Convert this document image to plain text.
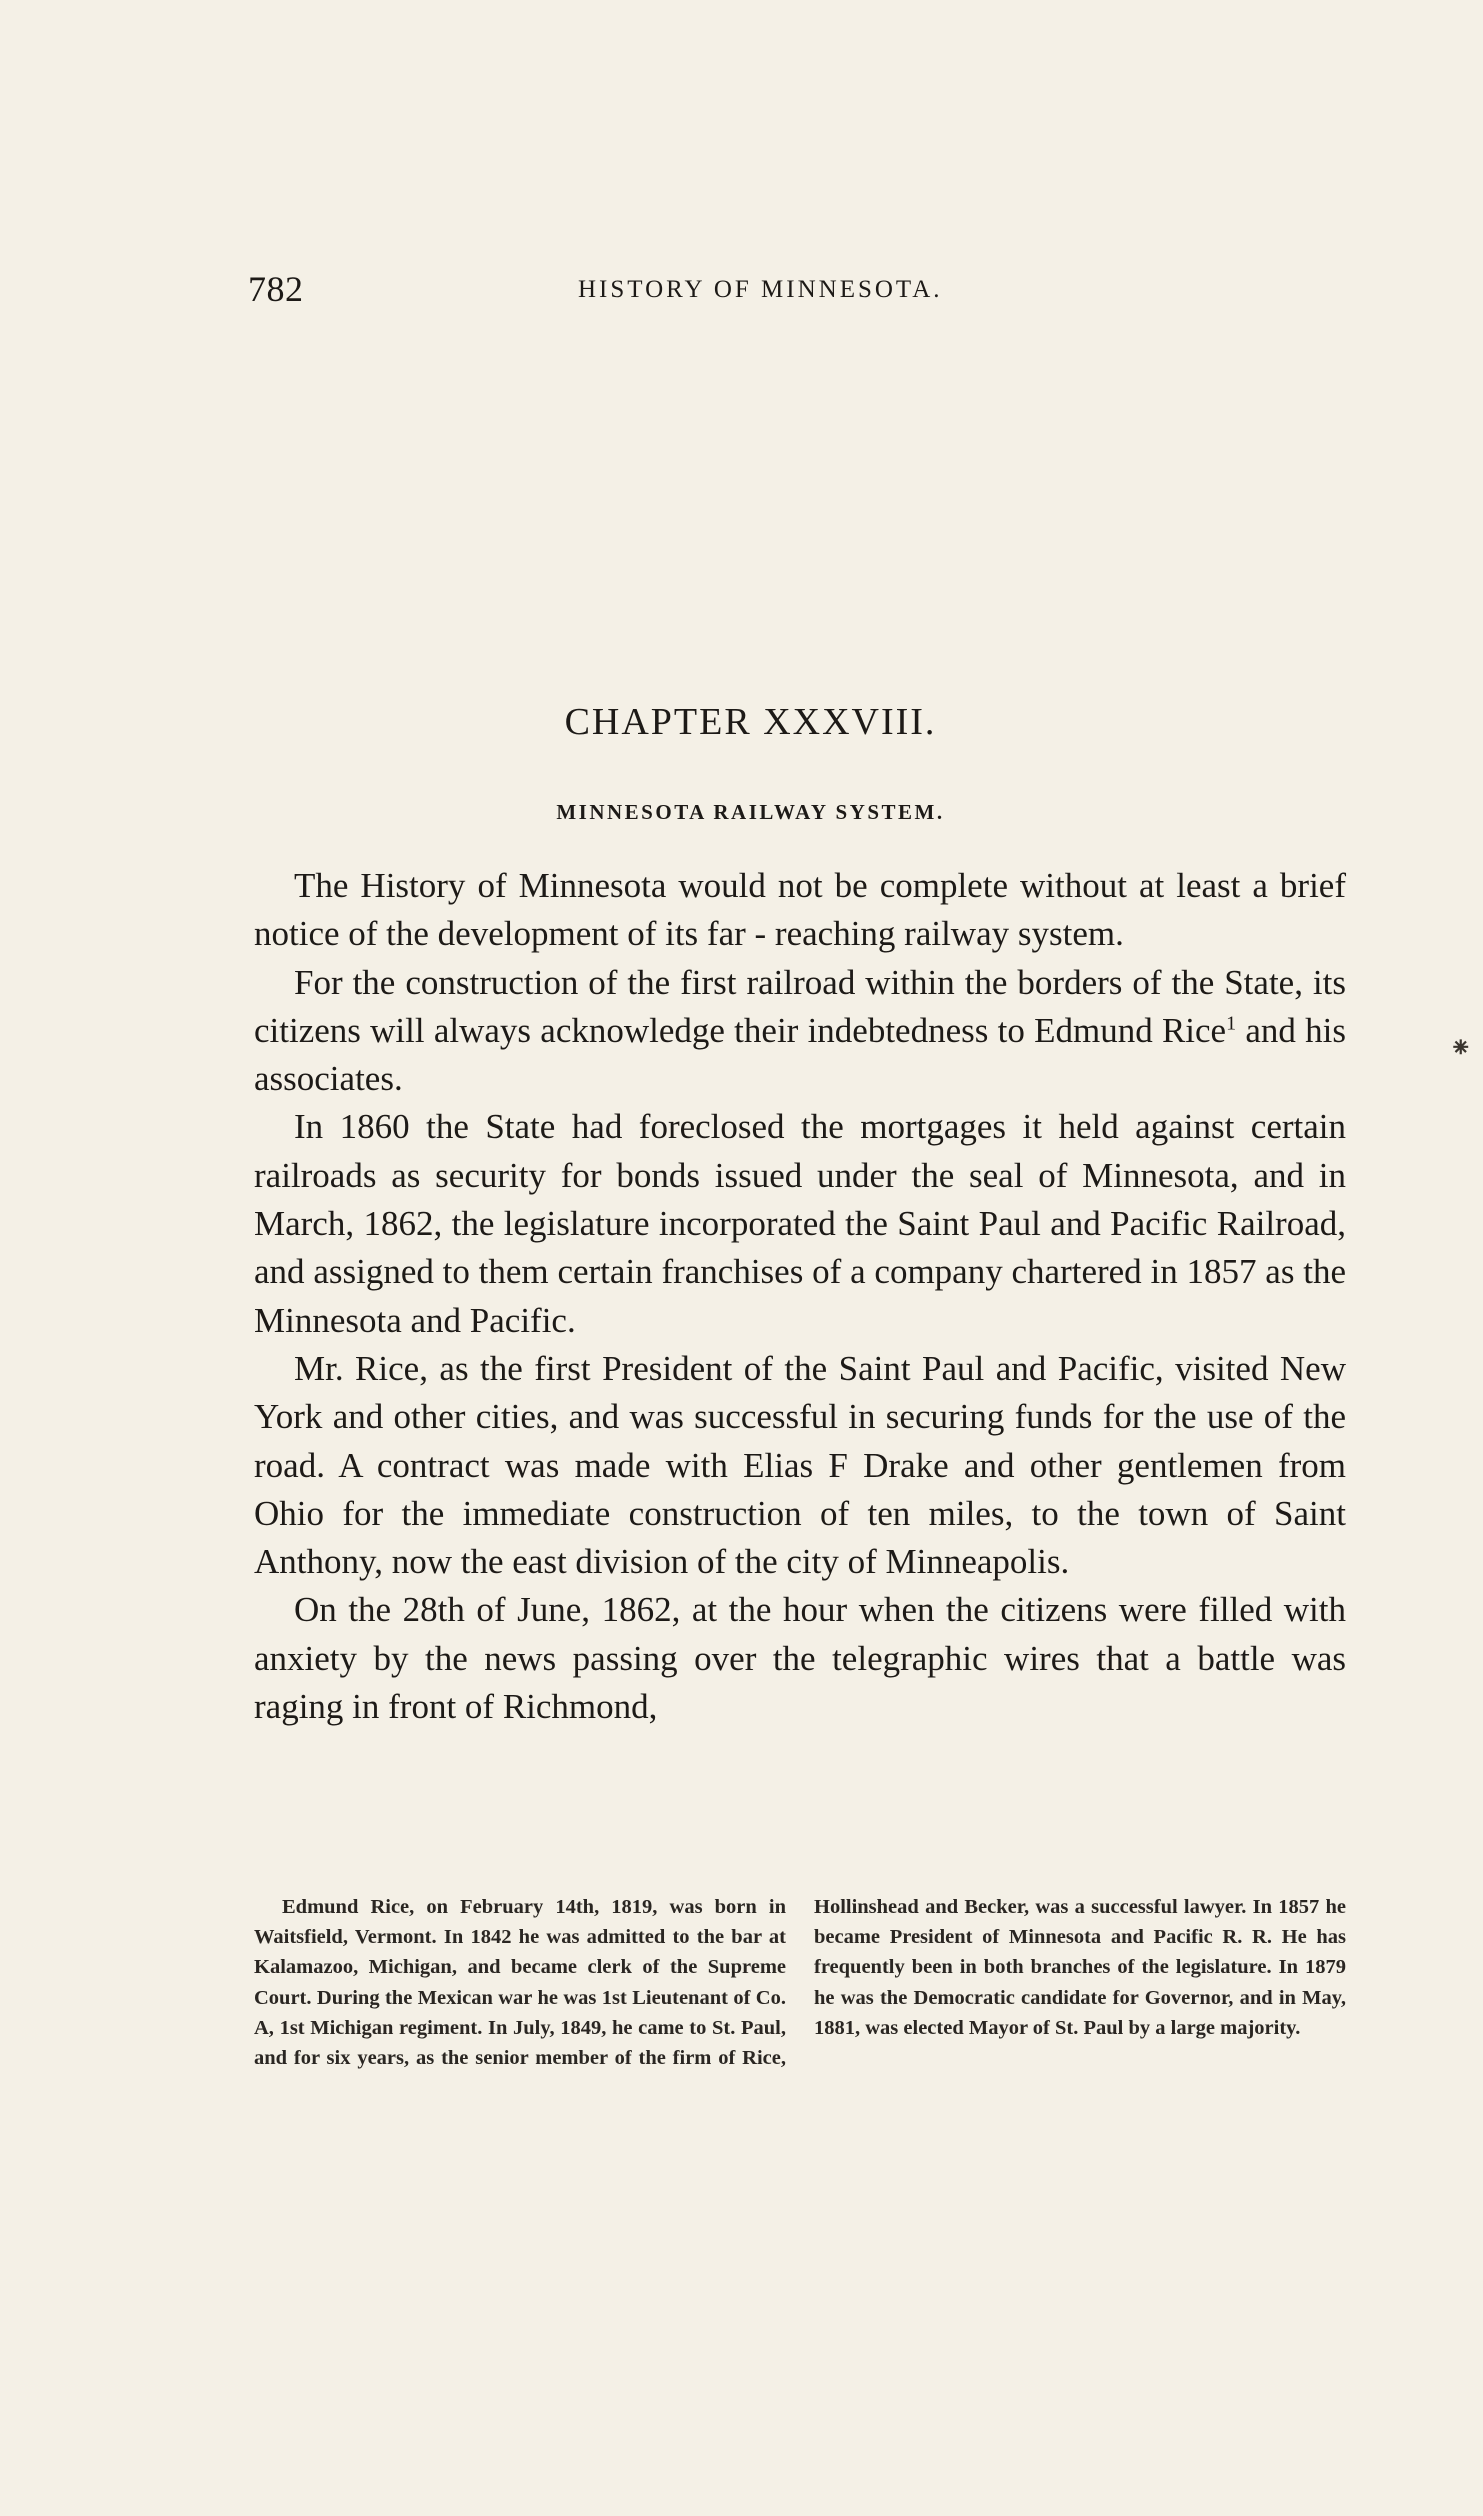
782	HISTORY OF MINNESOTA.
CHAPTER XXXVIII.
MINNESOTA RAILWAY SYSTEM.

The History of Minnesota would not be complete without at least a brief notice of the development of its far - reaching railway system.

For the construction of the first railroad within the borders of the State, its citizens will always acknowledge their indebtedness to Edmund Rice$^1$ and his associates.

In 1860 the State had foreclosed the mortgages it held against certain railroads as security for bonds issued under the seal of Minnesota, and in March, 1862, the legislature incorporated the Saint Paul and Pacific Railroad, and assigned to them certain franchises of a company chartered in 1857 as the Minnesota and Pacific.

Mr. Rice, as the first President of the Saint Paul and Pacific, visited New York and other cities, and was successful in securing funds for the use of the road. A contract was made with Elias F Drake and other gentlemen from Ohio for the immediate construction of ten miles, to the town of Saint Anthony, now the east division of the city of Minneapolis.

On the 28th of June, 1862, at the hour when the citizens were filled with anxiety by the news passing over the telegraphic wires that a battle was raging in front of Richmond,

Edmund Rice, on February 14th, 1819, was born in Waitsfield, Vermont. In 1842 he was admitted to the bar at Kalamazoo, Michigan, and became clerk of the Supreme Court. During the Mexican war he was 1st Lieutenant of Co. A, 1st Michigan regiment. In July, 1849, he came to St. Paul, and for six years, as the senior member of the firm of Rice, Hollinshead and Becker, was a successful lawyer. In 1857 he became President of Minnesota and Pacific R. R. He has frequently been in both branches of the legislature. In 1879 he was the Democratic candidate for Governor, and in May, 1881, was elected Mayor of St. Paul by a large majority.

⁕
